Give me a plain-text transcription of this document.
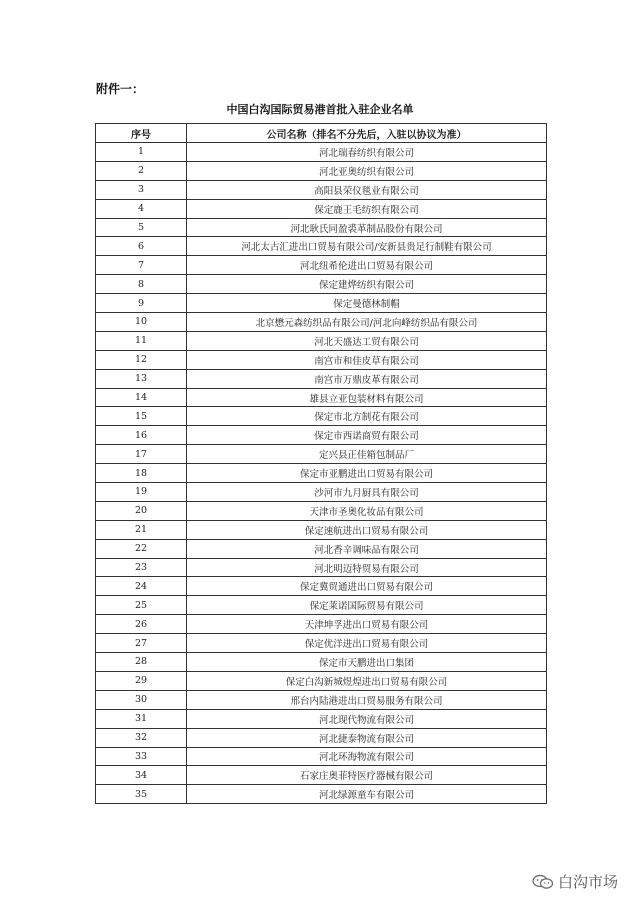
附件一：
中国白沟国际贸易港首批入驻企业名单
序号	公司名称（排名不分先后，入驻以协议为准）
1	河北瑞春纺织有限公司
2	河北亚奥纺织有限公司
3	高阳县荣仪毯业有限公司
4	保定鹿王毛纺织有限公司
5	河北耿氏同盈裘革制品股份有限公司
6	河北太古汇进出口贸易有限公司/安新县贵足行制鞋有限公司
7	河北纽希伦进出口贸易有限公司
8	保定建烨纺织有限公司
9	保定曼德林制帽
10	北京懋元森纺织品有限公司/河北向峰纺织品有限公司
11	河北天盛达工贸有限公司
12	南宫市和佳皮草有限公司
13	南宫市万鼎皮革有限公司
14	雄县立亚包装材料有限公司
15	保定市北方制花有限公司
16	保定市西诺商贸有限公司
17	定兴县正佳箱包制品厂
18	保定市亚鹏进出口贸易有限公司
19	沙河市九月厨具有限公司
20	天津市圣奥化妆品有限公司
21	保定速航进出口贸易有限公司
22	河北香辛调味品有限公司
23	河北明迈特贸易有限公司
24	保定冀贸通进出口贸易有限公司
25	保定莱诺国际贸易有限公司
26	天津坤孚进出口贸易有限公司
27	保定优洋进出口贸易有限公司
28	保定市天鹏进出口集团
29	保定白沟新城煜煌进出口贸易有限公司
30	邢台内陆港进出口贸易服务有限公司
31	河北现代物流有限公司
32	河北捷泰物流有限公司
33	河北环海物流有限公司
34	石家庄奥菲特医疗器械有限公司
35	河北绿源童车有限公司
白沟市场
